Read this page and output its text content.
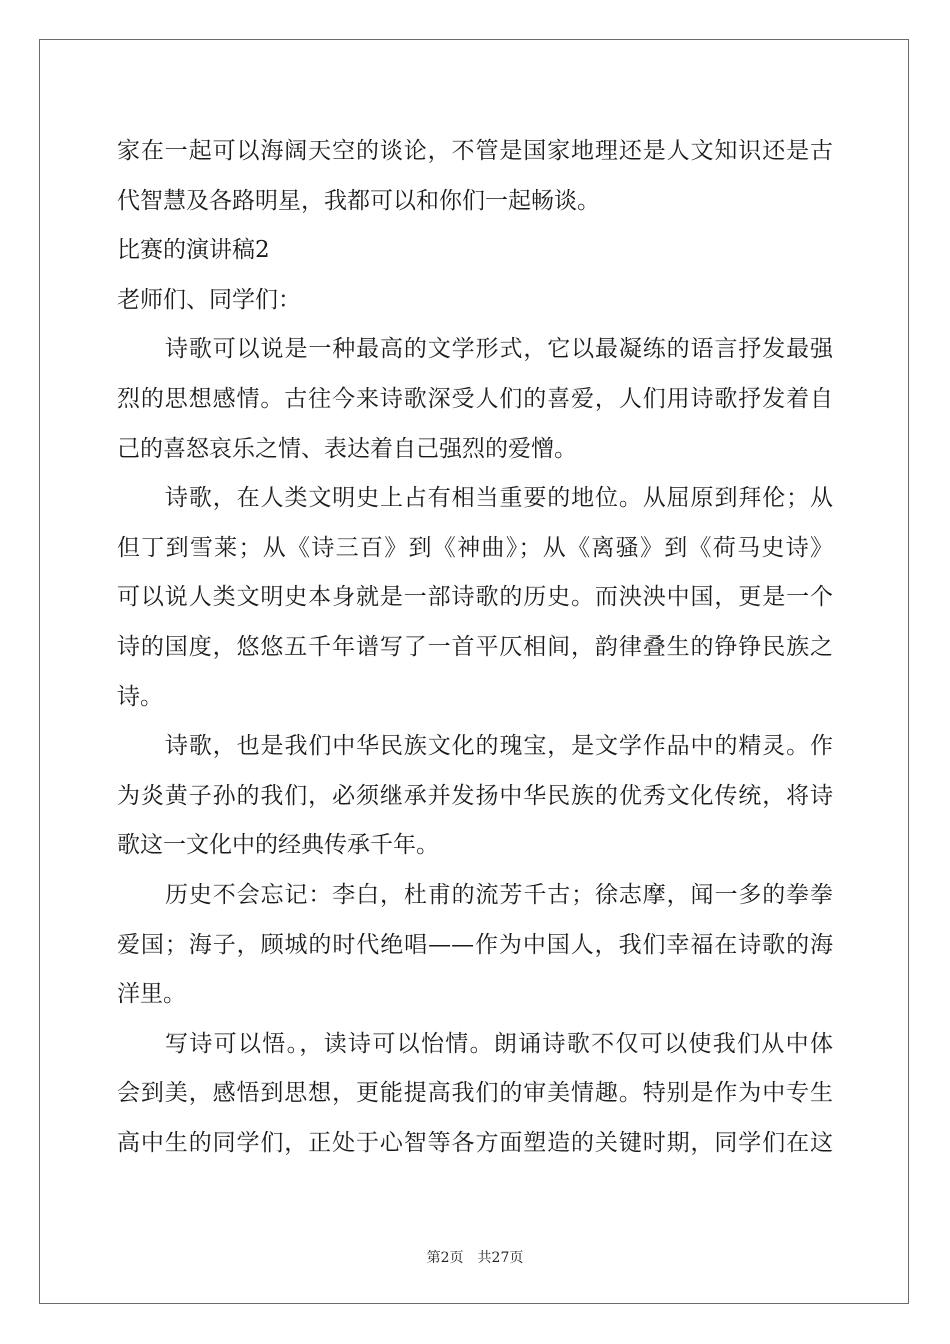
家在一起可以海阔天空的谈论，不管是国家地理还是人文知识还是古
代智慧及各路明星，我都可以和你们一起畅谈。
比赛的演讲稿2
老师们、同学们：
诗歌可以说是一种最高的文学形式，它以最凝练的语言抒发最强
烈的思想感情。古往今来诗歌深受人们的喜爱，人们用诗歌抒发着自
己的喜怒哀乐之情、表达着自己强烈的爱憎。
诗歌，在人类文明史上占有相当重要的地位。从屈原到拜伦；从
但丁到雪莱；从《诗三百》到《神曲》；从《离骚》到《荷马史诗》
可以说人类文明史本身就是一部诗歌的历史。而泱泱中国，更是一个
诗的国度，悠悠五千年谱写了一首平仄相间，韵律叠生的铮铮民族之
诗。
诗歌，也是我们中华民族文化的瑰宝，是文学作品中的精灵。作
为炎黄子孙的我们，必须继承并发扬中华民族的优秀文化传统，将诗
歌这一文化中的经典传承千年。
历史不会忘记：李白，杜甫的流芳千古；徐志摩，闻一多的拳拳
爱国；海子，顾城的时代绝唱——作为中国人，我们幸福在诗歌的海
洋里。
写诗可以悟。，读诗可以怡情。朗诵诗歌不仅可以使我们从中体
会到美，感悟到思想，更能提高我们的审美情趣。特别是作为中专生
高中生的同学们，正处于心智等各方面塑造的关键时期，同学们在这
第2页 共27页
